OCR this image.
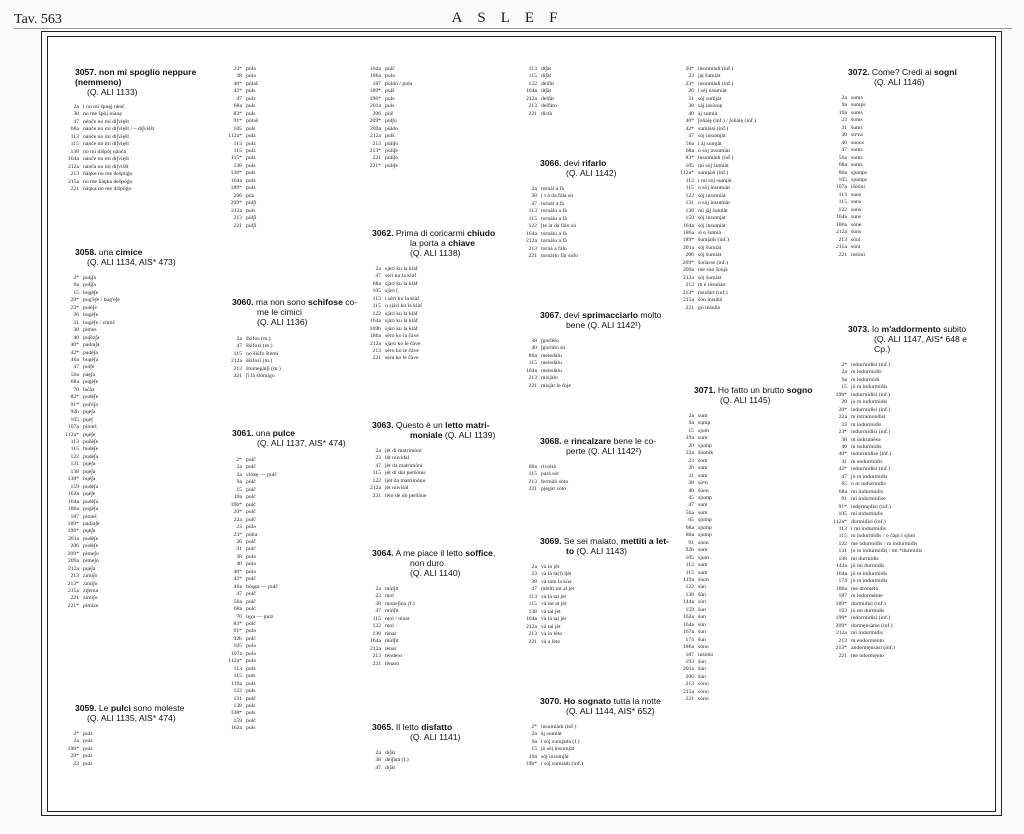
Tav. 563	ASLEF
3057. non mi spoglio neppure
(nemmeno)
(Q. ALI 1133)
2a i no mi ŝpuęj nènč
38 no me ŝpòj niànạ
47 nènče no mi di∫vięšt
68a nànče no mi di∫vięšt / ~ di∫viššt
113 nànče no mi di∫vięšt
115 nànče no mi di∫vięšt
138 no mi dišpòj nànča
164a nànče no mi di∫vięšt
212a nànča no mi di∫viššt
213 ñàŋke no me dešpùǵo
215a no me ñàŋka dešpòǵo
221 ñàŋka no me dišpòǵo
3058. una cimice
(Q. ALI 1134, AIS* 473)
2* pulį∫a
9a pulį∫a
15 bugè∫e
20* pug'è∫e / bug'è∫e
23* pulè∫e
26 bugè∫e
31 bugè∫e / zìmiš
38 pìmes
40 pu∫èz∫a
40* padia∫a
42* padè∫a
46a bugè∫a
47 pul∫e
56a pàę∫a
68a pugè∫e
70 lačàz
83* pudè∫e
91* pul'è∫a
92b pųè∫a
105 pųè∫
107a pìmeš
112a* pųè∫e
113 puñè∫e
115 budè∫e
122 pudè∫a
131 pųè∫a
138 pųè∫a
138* bųè∫a
159 pudè∫a
162a pųè∫e
164a pudè∫a
186a pugè∫a
187 pìmeš
189* padia∫e
196* pųè∫a
201a pudè∫e
206 pudè∫e
209* pìme∫o
209a pìme∫o
212a pųè∫a
213 zìmi∫o
213* zìmi∫o
215a zì∫ema
221 zìmi∫o
221* pìmize
3059. Le pulci sono moleste
(Q. ALI 1135, AIS* 474)
2* pulz
2a pulz
19b* pulz
20* pulz
23 pulz
23* pùlə
38 pulə
40* pùləš
42* puls
47 pulz
68a puls
83* puls
91* pùləš
105 puls
112a* pulz
113 pulz
115 pulz
115* pulz
138 puls
138* puls
164a pulz
189* pulz
206 pùz
209* pùl∫i
212a puls
213 pùl∫i
221 pùl∫i
3060. ma non sono schifose co-
me le cimici
(Q. ALI 1136)
2a škìfos (m.)
47 škìfozi (m.)
115 ṇo škìfo štèmi
212a škìfośi (m.)
213 štomegàl∫i (m.)
221 ∫i fà štòmigo
3061. una pulce
(Q. ALI 1137, AIS* 474)
2* pulč
2a pulč
3a vlòʁę — pulč
9a pùlč
15 pulč
19a pulč
19b* pulč
20* pulč
22a pulč
23 pùlə
23* pùltə
26 pulč
31 pulč
38 pulə
40 pulə
40* pulə
42* pulč
46a bòųęa — pulč
47 pulč
56a pulč
68a pulč
70 lęχə — pulz
83* pulč
91* pulə
92b pulč
105 pulə
107a pulə
112a* pulə
113 pulz
115 puls
119a pulz
122 puls
131 pulč
138 puls
138* puls
159 pulč
162a puls
164a pulč
186a pulə
187 pùldo / pulə
189* pulš
196* puls
201a puls
206 pùč
209* pùl∫o
209a pùldo
212a pulš
213 pùli∫o
213* pùli∫e
221 pùli∫e
221* pùli∫e
3062. Prima di coricarmi chiudo
la porta a chiave
(Q. ALI 1138)
2a sjèri ku la klàf
47 sèri ku la klàf
68a sjàri ku la klàf
105 sjàri [
113 i sèri ku la klàf
115 o sjàri ku la klàf
122 sjàri ku la klàf
164a sjàri ku la klàf
169b sjàri ku la klàf
186a sèro ko la čàve
212a sjàro ko le čàve
213 sèro ko le čàve
221 sèra ko le čàve
3063. Questo è un letto matri-
moniale (Q. ALI 1139)
2a jèt di matrimòni
23 lèt nuvidàl
47 jèt da matrimòni
115 jèt di dòi peršònis
122 ljèt da matrimòṇu
212a jèt nuvisàl
221 lèto de dò peršòne
3064. A me piace il letto soffice,
non duro
(Q. ALI 1140)
2a mùl∫it
23 mol
38 mone∫ìna (f.)
47 mùl∫it
115 mol / tènar
122 mol
138 tènar
164a mùl∫it
212a tènar
213 tèndero
221 tènaro
3065. Il letto disfatto
(Q. ALI 1141)
2a di∫àt
38 dei∫àta (f.)
47 di∫àt
113 di∫àt
115 di∫àt
122 deifàt
164a di∫àt
212a deifàt
213 deifàto
221 disfà
3066. devi rifarlo
(Q. ALI 1142)
2a tornàl a fà
38 [ t à da fàla sù
47 tornàl a fà
113 tornàlu a fà
115 tornàlu a fà
122 [te àt da fàlu sù
164a tornàlu a fà
212a tornàlu a fà
213 tornà a fàlo
221 tornàrlo fàr sùfo
3067. devi sprimacciarlo molto
bene (Q. ALI 1142¹)
38 ∫gorlèlo
40 ∫gorlàlo sù
80a meiedàlu
115 meiedàlu
164a meiedàlu
213 misjàlo
221 misjàr le fòje
3068. e rincalzare bene le co-
perte (Q. ALI 1142²)
80a rivoltà
115 parà sòt
213 fermàli sòto
221 pjegàr sòto
3069. Se sei malato, mettiti a let-
to (Q. ALI 1143)
2a và in jèt
23 và là ta(l) ljèt
38 và inte la kùa
47 mètiti int al jèt
113 và là tal jèt
115 và int al jèt
138 và tal jèt
164a và là tal jèt
212a và tal jèt
213 và in lèto
221 và a lèto
3070. Ho sognato tutta la notte
(Q. ALI 1144, AIS* 652)
2* insumiàdi (inf.)
2a àj sumiàt
9a i sòj sumjàdə (f.)
15 jò sèj insumjàt
19a sòj insumjàt
19b* i sòj sumiàdi (inf.)
20* insumiàdi (inf.)
23 jàj šumiàt
23* insumiàdi (inf.)
26 i sèj nsumiàt
31 sòj sumjàt
38 sàj insònię
40 àj sumià
40* ∫oñàię (inf.) / ∫oñàię (inf.)
42* sumiàsi (inf.)
47 sòj insumjàt
56a i àj sumjàt
68a o sòj insumiàt
83* insumiàdi (inf.)
105 mi sòj šumiàt
112a* sumjàsi (inf.)
113 i mi sòj sumjàt
115 o sòj insumiàt
122 sòj insumiàt
131 o sòj insumiàt
138 mi jàj šumiàt
159 sòj insumjàt
164a sòj insumiàt
186a sì o šumià
189* šumjàdi (inf.)
201a sòj šumiàt
206 sòj šumiàt
209* šońàrse (inf.)
209a me sòn šonjà
212a sòj šumiàt
213 m è ińsuñào
213* ńsudàri (inf.)
215a šòn insuñà
221 gò inśoñà
3071. Ho fatto un brutto sogno
(Q. ALI 1145)
2a sum
9a sųmp
15 sjum
19a sum
20 sjump
22a šùonik
23 šom
26 sum
31 sum
38 sùⁿn
40 šùon
45 sjump
47 sum
56a sum
65 sjump
68a sjump
80a sjump
91 sùon
92b sum
105 sjum
113 sum
115 sum
119a sùon
122 sùn
138 šùn
144a sùn
159 šun
162a šun
164a sùn
167a šun
174 šun
186a sòno
187 inśòńo
193 šun
201a šùn
206 šùn
213 sòno
215a sòno
221 sòno
3072. Come? Credi ai sogni
(Q. ALI 1146)
2a sums
9a sumps
19a sums
23 šoms
31 šums
38 sùⁿns
40 suons
47 sums
56a sums
68a sums
80a sjumps
105 sjumps
107a išòóni
113 suns
115 suns
122 suns
164a suns
186a sòne
212a šùns
213 sòni
215a sòni
221 inśòni
3073. Io m'addormento subito
(Q. ALI 1147, AIS* 648 e
Cp.)
2* indurmidìsi (inf.)
2a m indurmidìs
9a m indurmìdi
15 jò m indurmidìs
19b* indurmidìsi (inf.)
20 jò m indurmidìs
20* indurmidìsi (inf.)
22a m intramondìsi
23 m indurmidìs
23* indurmidìsi (inf.)
38 m indrumèsə
40 m indurmidìs
40* indurmidìse (inf.)
41 m endurmidìs
42* indurmidìsi (inf.)
47 jò m indurmidìs
65 o m indurmidìs
68a mi indurmidìs
91 mi indurmidìse
91* indęrmędìsi (inf.)
105 mi indurmidìs
112a* đurmidìsi (inf.)
113 i mi indurmidìs
115 m indurmidìs / o čàpi l sjùm
122 me ndurmidìs / m indurmidìs
131 jo m indurmidìș / mi *durmidìs
138 mi durmidìs
144a jò mi durmidìs
164a jò m indurmidìs
174 jò m indurmidìs
186a me drométo
187 m indormènte
189* durmidìsi (inf.)
193 jò mi durmidìs
196* indormidìsi (inf.)
209* dormęnsàrse (inf.)
212a mi indurmidìs
213 m endormènto
213* andermęnsàsi (inf.)
221 me ndormęnto
